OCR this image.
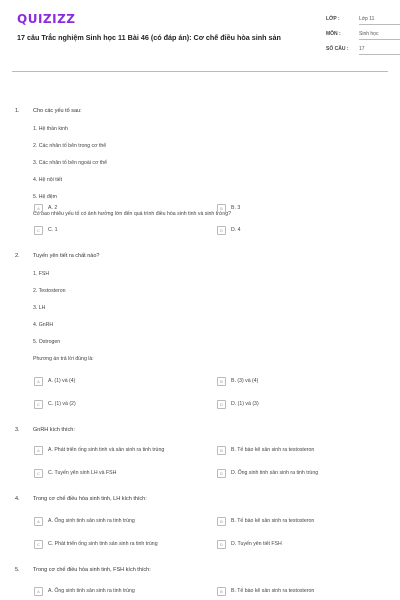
QUIZIZZ
17 câu Trắc nghiệm Sinh học 11 Bài 46 (có đáp án): Cơ chế điều hòa sinh sản
LỚP :	Lớp 11
MÔN :	Sinh học
SỐ CÂU :	17
1. Cho các yếu tố sau:
1. Hệ thần kinh
2. Các nhân tố bên trong cơ thể
3. Các nhân tố bên ngoài cơ thể
4. Hệ nội tiết
5. Hệ đệm
Có bao nhiêu yếu tố có ảnh hưởng lớn đến quá trình điều hòa sinh tinh và sinh trứng?
A	A. 2	B	B. 3
C	C. 1	D	D. 4
2. Tuyến yên tiết ra chất nào?
1. FSH
2. Testosteron
3. LH
4. GnRH
5. Ostrogen
Phương án trả lời đúng là:
A	A. (1) và (4)	B	B. (3) và (4)
C	C. (1) và (2)	D	D. (1) và (3)
3. GnRH kích thích:
A	A. Phát triển ống sinh tinh và sản sinh ra tinh trùng	B	B. Tế bào kẽ sản sinh ra testosteron
C	C. Tuyến yên sinh LH và FSH	D	D. Ống sinh tinh sản sinh ra tinh trùng
4. Trong cơ chế điều hòa sinh tinh, LH kích thích:
A	A. Ống sinh tinh sản sinh ra tinh trùng	B	B. Tế bào kẽ sản sinh ra testosteron
C	C. Phát triển ống sinh tinh sản sinh ra tinh trùng	D	D. Tuyến yên tiết FSH
5. Trong cơ chế điều hòa sinh tinh, FSH kích thích:
A	A. Ống sinh tinh sản sinh ra tinh trùng	B	B. Tế bào kẽ sản sinh ra testosteron
